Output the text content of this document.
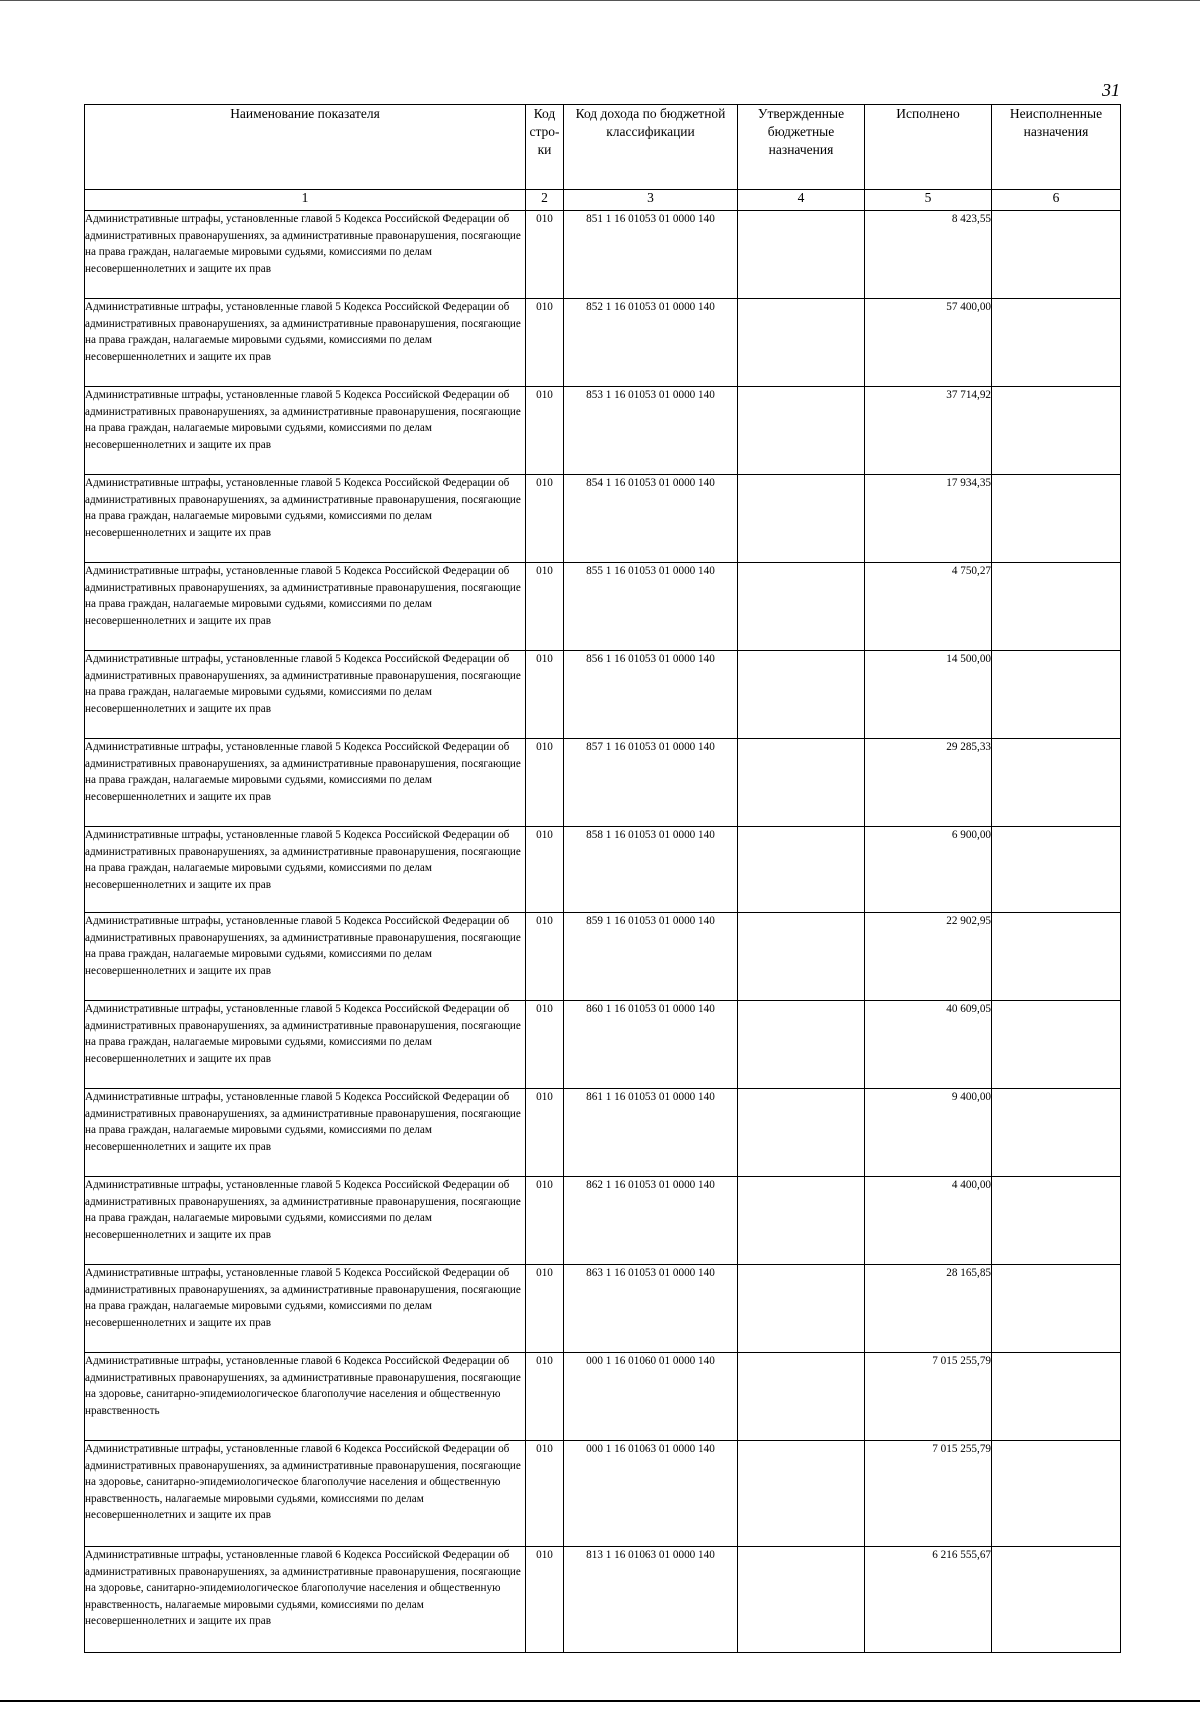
31
Наименование показателя	Код стро-ки	Код дохода по бюджетной классификации	Утвержденные бюджетные назначения	Исполнено	Неисполненные назначения
1	2	3	4	5	6
Административные штрафы, установленные главой 5 Кодекса Российской Федерации об административных правонарушениях, за административные правонарушения, посягающие на права граждан, налагаемые мировыми судьями, комиссиями по делам несовершеннолетних и защите их прав	010	851 1 16 01053 01 0000 140		8 423,55	
Административные штрафы, установленные главой 5 Кодекса Российской Федерации об административных правонарушениях, за административные правонарушения, посягающие на права граждан, налагаемые мировыми судьями, комиссиями по делам несовершеннолетних и защите их прав	010	852 1 16 01053 01 0000 140		57 400,00	
Административные штрафы, установленные главой 5 Кодекса Российской Федерации об административных правонарушениях, за административные правонарушения, посягающие на права граждан, налагаемые мировыми судьями, комиссиями по делам несовершеннолетних и защите их прав	010	853 1 16 01053 01 0000 140		37 714,92	
Административные штрафы, установленные главой 5 Кодекса Российской Федерации об административных правонарушениях, за административные правонарушения, посягающие на права граждан, налагаемые мировыми судьями, комиссиями по делам несовершеннолетних и защите их прав	010	854 1 16 01053 01 0000 140		17 934,35	
Административные штрафы, установленные главой 5 Кодекса Российской Федерации об административных правонарушениях, за административные правонарушения, посягающие на права граждан, налагаемые мировыми судьями, комиссиями по делам несовершеннолетних и защите их прав	010	855 1 16 01053 01 0000 140		4 750,27	
Административные штрафы, установленные главой 5 Кодекса Российской Федерации об административных правонарушениях, за административные правонарушения, посягающие на права граждан, налагаемые мировыми судьями, комиссиями по делам несовершеннолетних и защите их прав	010	856 1 16 01053 01 0000 140		14 500,00	
Административные штрафы, установленные главой 5 Кодекса Российской Федерации об административных правонарушениях, за административные правонарушения, посягающие на права граждан, налагаемые мировыми судьями, комиссиями по делам несовершеннолетних и защите их прав	010	857 1 16 01053 01 0000 140		29 285,33	
Административные штрафы, установленные главой 5 Кодекса Российской Федерации об административных правонарушениях, за административные правонарушения, посягающие на права граждан, налагаемые мировыми судьями, комиссиями по делам несовершеннолетних и защите их прав	010	858 1 16 01053 01 0000 140		6 900,00	
Административные штрафы, установленные главой 5 Кодекса Российской Федерации об административных правонарушениях, за административные правонарушения, посягающие на права граждан, налагаемые мировыми судьями, комиссиями по делам несовершеннолетних и защите их прав	010	859 1 16 01053 01 0000 140		22 902,95	
Административные штрафы, установленные главой 5 Кодекса Российской Федерации об административных правонарушениях, за административные правонарушения, посягающие на права граждан, налагаемые мировыми судьями, комиссиями по делам несовершеннолетних и защите их прав	010	860 1 16 01053 01 0000 140		40 609,05	
Административные штрафы, установленные главой 5 Кодекса Российской Федерации об административных правонарушениях, за административные правонарушения, посягающие на права граждан, налагаемые мировыми судьями, комиссиями по делам несовершеннолетних и защите их прав	010	861 1 16 01053 01 0000 140		9 400,00	
Административные штрафы, установленные главой 5 Кодекса Российской Федерации об административных правонарушениях, за административные правонарушения, посягающие на права граждан, налагаемые мировыми судьями, комиссиями по делам несовершеннолетних и защите их прав	010	862 1 16 01053 01 0000 140		4 400,00	
Административные штрафы, установленные главой 5 Кодекса Российской Федерации об административных правонарушениях, за административные правонарушения, посягающие на права граждан, налагаемые мировыми судьями, комиссиями по делам несовершеннолетних и защите их прав	010	863 1 16 01053 01 0000 140		28 165,85	
Административные штрафы, установленные главой 6 Кодекса Российской Федерации об административных правонарушениях, за административные правонарушения, посягающие на здоровье, санитарно-эпидемиологическое благополучие населения и общественную нравственность	010	000 1 16 01060 01 0000 140		7 015 255,79	
Административные штрафы, установленные главой 6 Кодекса Российской Федерации об административных правонарушениях, за административные правонарушения, посягающие на здоровье, санитарно-эпидемиологическое благополучие населения и общественную нравственность, налагаемые мировыми судьями, комиссиями по делам несовершеннолетних и защите их прав	010	000 1 16 01063 01 0000 140		7 015 255,79	
Административные штрафы, установленные главой 6 Кодекса Российской Федерации об административных правонарушениях, за административные правонарушения, посягающие на здоровье, санитарно-эпидемиологическое благополучие населения и общественную нравственность, налагаемые мировыми судьями, комиссиями по делам несовершеннолетних и защите их прав	010	813 1 16 01063 01 0000 140		6 216 555,67	
